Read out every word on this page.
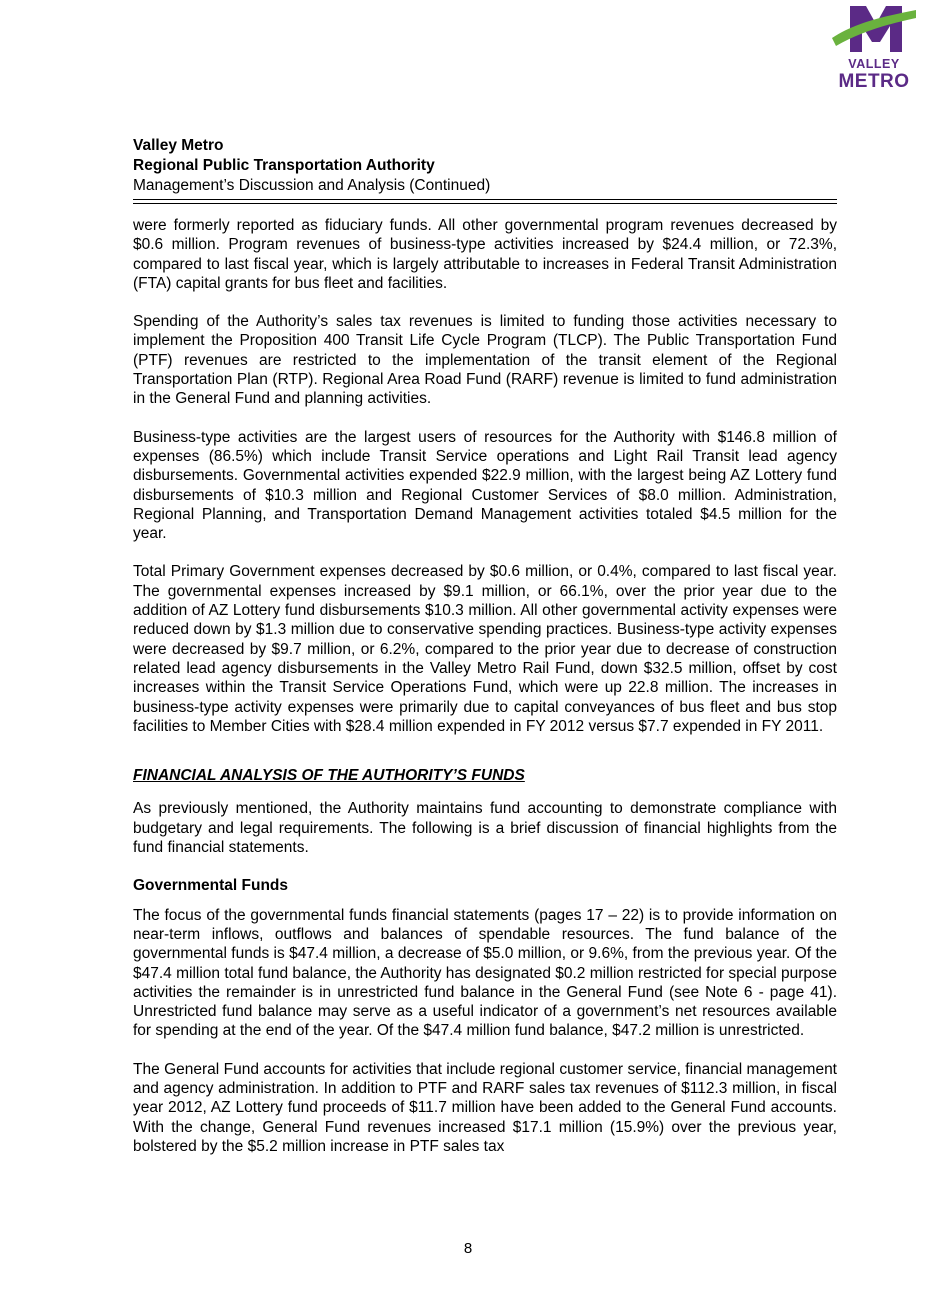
VALLEY
METRO
Valley Metro
Regional Public Transportation Authority
Management’s Discussion and Analysis (Continued)

were formerly reported as fiduciary funds. All other governmental program revenues decreased by $0.6 million. Program revenues of business-type activities increased by $24.4 million, or 72.3%, compared to last fiscal year, which is largely attributable to increases in Federal Transit Administration (FTA) capital grants for bus fleet and facilities.

Spending of the Authority’s sales tax revenues is limited to funding those activities necessary to implement the Proposition 400 Transit Life Cycle Program (TLCP). The Public Transportation Fund (PTF) revenues are restricted to the implementation of the transit element of the Regional Transportation Plan (RTP). Regional Area Road Fund (RARF) revenue is limited to fund administration in the General Fund and planning activities.

Business-type activities are the largest users of resources for the Authority with $146.8 million of expenses (86.5%) which include Transit Service operations and Light Rail Transit lead agency disbursements. Governmental activities expended $22.9 million, with the largest being AZ Lottery fund disbursements of $10.3 million and Regional Customer Services of $8.0 million. Administration, Regional Planning, and Transportation Demand Management activities totaled $4.5 million for the year.

Total Primary Government expenses decreased by $0.6 million, or 0.4%, compared to last fiscal year. The governmental expenses increased by $9.1 million, or 66.1%, over the prior year due to the addition of AZ Lottery fund disbursements $10.3 million. All other governmental activity expenses were reduced down by $1.3 million due to conservative spending practices. Business-type activity expenses were decreased by $9.7 million, or 6.2%, compared to the prior year due to decrease of construction related lead agency disbursements in the Valley Metro Rail Fund, down $32.5 million, offset by cost increases within the Transit Service Operations Fund, which were up 22.8 million. The increases in business-type activity expenses were primarily due to capital conveyances of bus fleet and bus stop facilities to Member Cities with $28.4 million expended in FY 2012 versus $7.7 expended in FY 2011.

FINANCIAL ANALYSIS OF THE AUTHORITY’S FUNDS

As previously mentioned, the Authority maintains fund accounting to demonstrate compliance with budgetary and legal requirements. The following is a brief discussion of financial highlights from the fund financial statements.

Governmental Funds

The focus of the governmental funds financial statements (pages 17 – 22) is to provide information on near-term inflows, outflows and balances of spendable resources. The fund balance of the governmental funds is $47.4 million, a decrease of $5.0 million, or 9.6%, from the previous year. Of the $47.4 million total fund balance, the Authority has designated $0.2 million restricted for special purpose activities the remainder is in unrestricted fund balance in the General Fund (see Note 6 - page 41). Unrestricted fund balance may serve as a useful indicator of a government’s net resources available for spending at the end of the year. Of the $47.4 million fund balance, $47.2 million is unrestricted.

The General Fund accounts for activities that include regional customer service, financial management and agency administration. In addition to PTF and RARF sales tax revenues of $112.3 million, in fiscal year 2012, AZ Lottery fund proceeds of $11.7 million have been added to the General Fund accounts. With the change, General Fund revenues increased $17.1 million (15.9%) over the previous year, bolstered by the $5.2 million increase in PTF sales tax

8
